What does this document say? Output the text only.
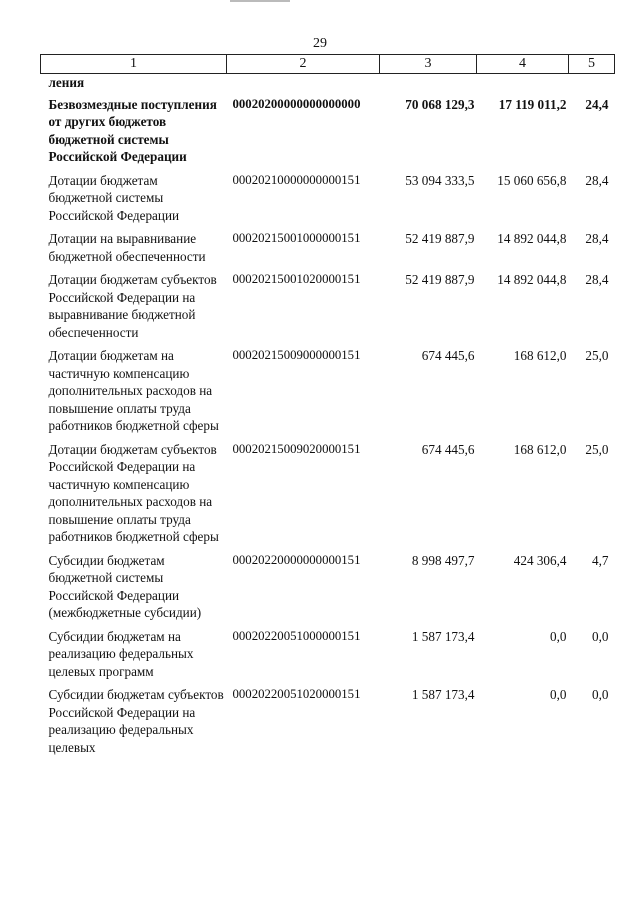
29
1	2	3	4	5
ления				
Безвозмездные поступления от других бюджетов бюджетной системы Российской Федерации	00020200000000000000	70 068 129,3	17 119 011,2	24,4
Дотации бюджетам бюджетной системы Российской Федерации	00020210000000000151	53 094 333,5	15 060 656,8	28,4
Дотации на выравнивание бюджетной обеспеченности	00020215001000000151	52 419 887,9	14 892 044,8	28,4
Дотации бюджетам субъектов Российской Федерации на выравнивание бюджетной обеспеченности	00020215001020000151	52 419 887,9	14 892 044,8	28,4
Дотации бюджетам на частичную компенсацию дополнительных расходов на повышение оплаты труда работников бюджетной сферы	00020215009000000151	674 445,6	168 612,0	25,0
Дотации бюджетам субъектов Российской Федерации на частичную компенсацию дополнительных расходов на повышение оплаты труда работников бюджетной сферы	00020215009020000151	674 445,6	168 612,0	25,0
Субсидии бюджетам бюджетной системы Российской Федерации (межбюджетные субсидии)	00020220000000000151	8 998 497,7	424 306,4	4,7
Субсидии бюджетам на реализацию федеральных целевых программ	00020220051000000151	1 587 173,4	0,0	0,0
Субсидии бюджетам субъектов Российской Федерации на реализацию федеральных целевых	00020220051020000151	1 587 173,4	0,0	0,0
